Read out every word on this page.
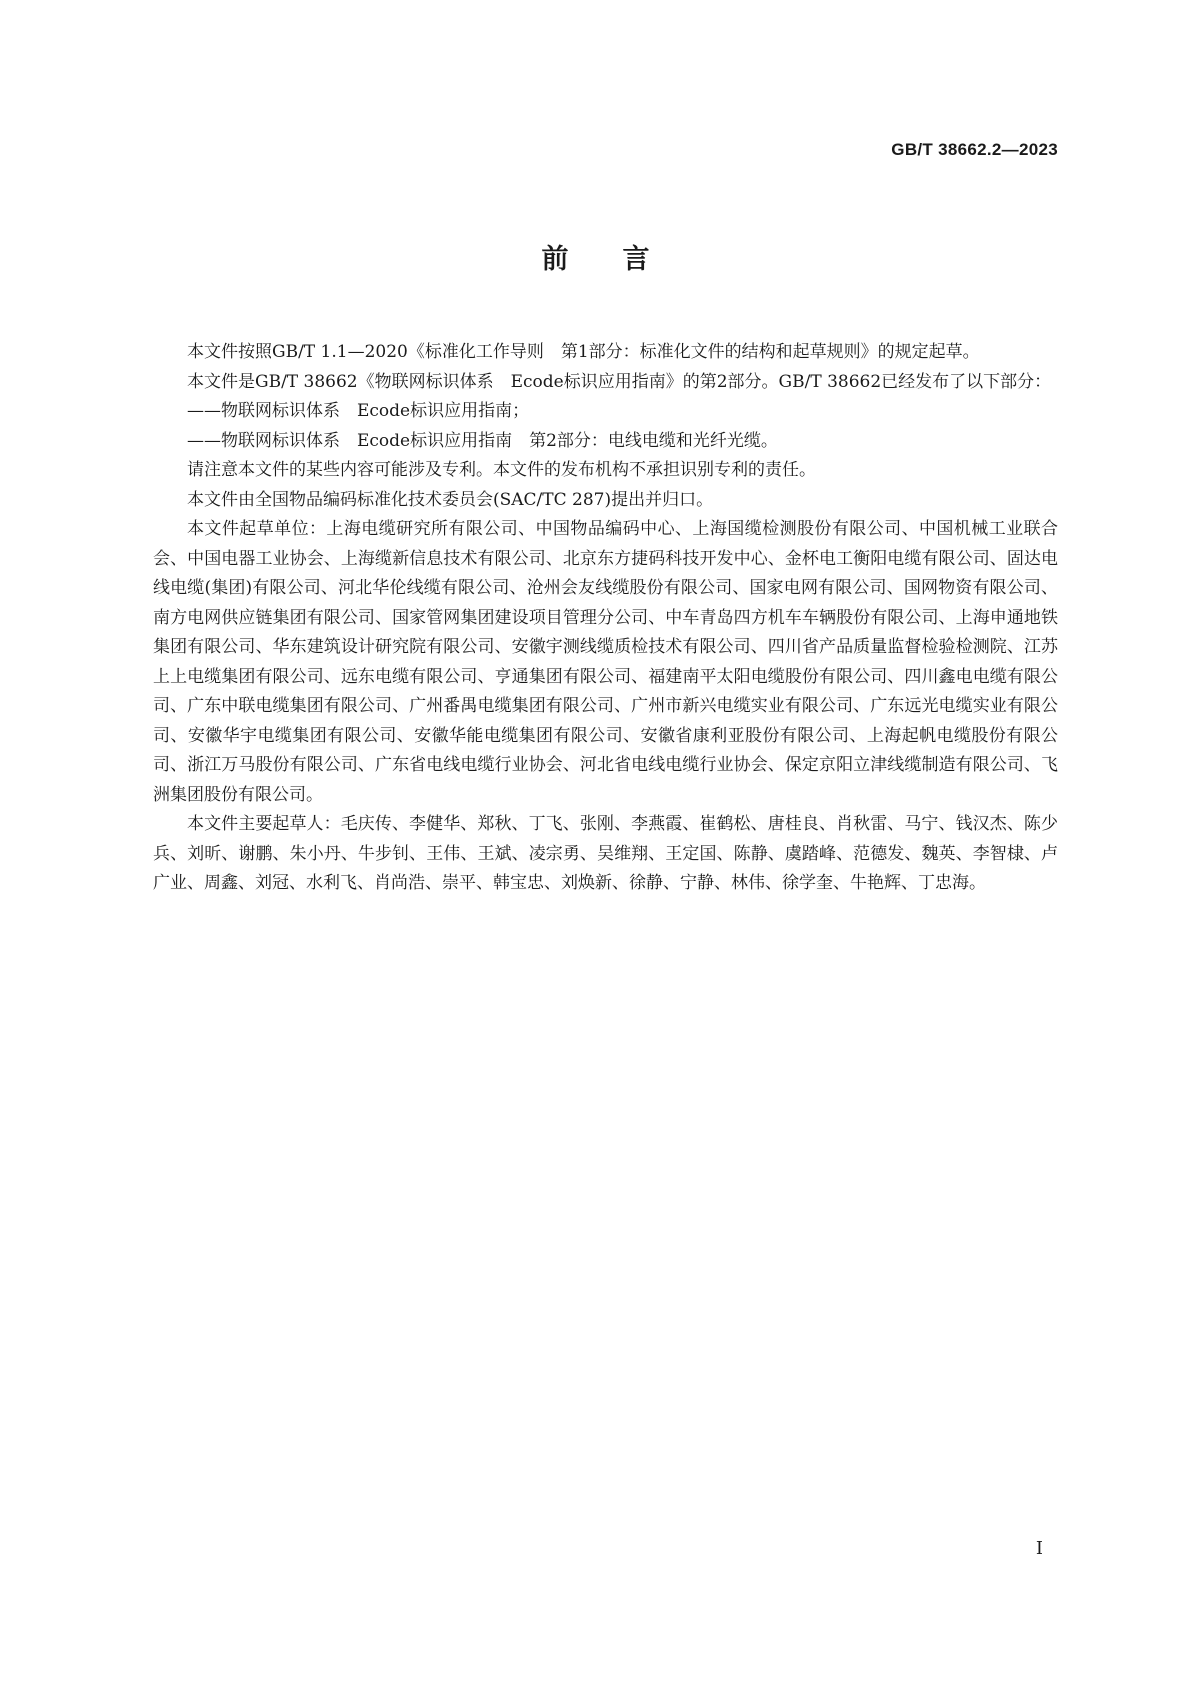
GB/T 38662.2—2023
前　　言

本文件按照GB/T 1.1—2020《标准化工作导则　第1部分：标准化文件的结构和起草规则》的规定起草。

本文件是GB/T 38662《物联网标识体系　Ecode标识应用指南》的第2部分。GB/T 38662已经发布了以下部分：

——物联网标识体系　Ecode标识应用指南；

——物联网标识体系　Ecode标识应用指南　第2部分：电线电缆和光纤光缆。

请注意本文件的某些内容可能涉及专利。本文件的发布机构不承担识别专利的责任。

本文件由全国物品编码标准化技术委员会(SAC/TC 287)提出并归口。

本文件起草单位：上海电缆研究所有限公司、中国物品编码中心、上海国缆检测股份有限公司、中国机械工业联合会、中国电器工业协会、上海缆新信息技术有限公司、北京东方捷码科技开发中心、金杯电工衡阳电缆有限公司、固达电线电缆(集团)有限公司、河北华伦线缆有限公司、沧州会友线缆股份有限公司、国家电网有限公司、国网物资有限公司、南方电网供应链集团有限公司、国家管网集团建设项目管理分公司、中车青岛四方机车车辆股份有限公司、上海申通地铁集团有限公司、华东建筑设计研究院有限公司、安徽宇测线缆质检技术有限公司、四川省产品质量监督检验检测院、江苏上上电缆集团有限公司、远东电缆有限公司、亨通集团有限公司、福建南平太阳电缆股份有限公司、四川鑫电电缆有限公司、广东中联电缆集团有限公司、广州番禺电缆集团有限公司、广州市新兴电缆实业有限公司、广东远光电缆实业有限公司、安徽华宇电缆集团有限公司、安徽华能电缆集团有限公司、安徽省康利亚股份有限公司、上海起帆电缆股份有限公司、浙江万马股份有限公司、广东省电线电缆行业协会、河北省电线电缆行业协会、保定京阳立津线缆制造有限公司、飞洲集团股份有限公司。

本文件主要起草人：毛庆传、李健华、郑秋、丁飞、张刚、李燕霞、崔鹤松、唐桂良、肖秋雷、马宁、钱汉杰、陈少兵、刘昕、谢鹏、朱小丹、牛步钊、王伟、王斌、凌宗勇、吴维翔、王定国、陈静、虞踏峰、范德发、魏英、李智棣、卢广业、周鑫、刘冠、水利飞、肖尚浩、崇平、韩宝忠、刘焕新、徐静、宁静、林伟、徐学奎、牛艳辉、丁忠海。

I
